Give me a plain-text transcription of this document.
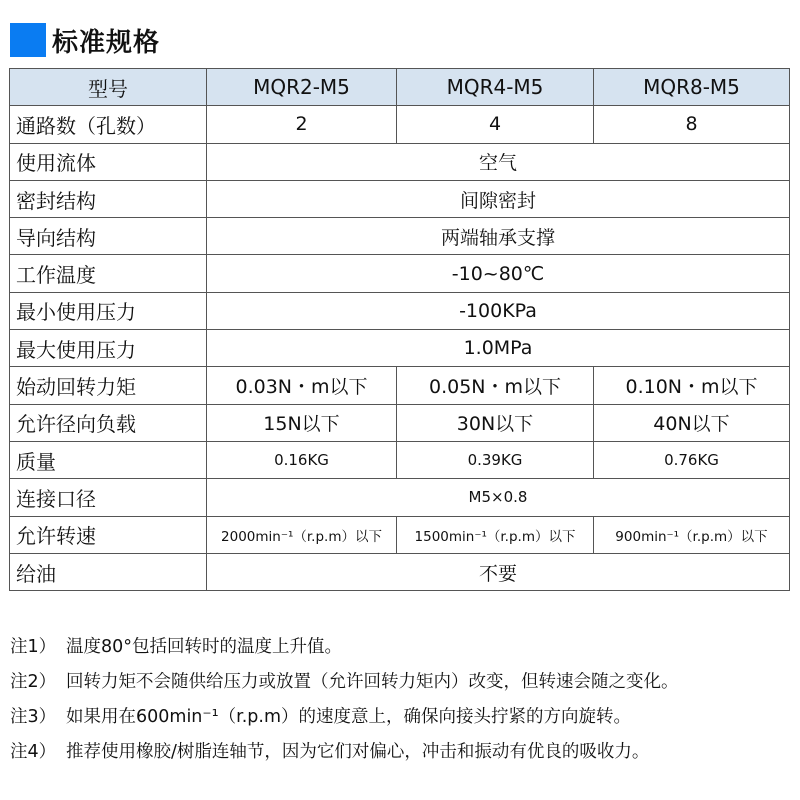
标准规格
型号	MQR2-M5	MQR4-M5	MQR8-M5
通路数（孔数）	2	4	8
使用流体	空气		
密封结构	间隙密封		
导向结构	两端轴承支撑		
工作温度	-10~80℃		
最小使用压力	-100KPa		
最大使用压力	1.0MPa		
始动回转力矩	0.03N・m以下	0.05N・m以下	0.10N・m以下
允许径向负载	15N以下	30N以下	40N以下
质量	0.16KG	0.39KG	0.76KG
连接口径	M5×0.8		
允许转速	2000min⁻¹（r.p.m）以下	1500min⁻¹（r.p.m）以下	900min⁻¹（r.p.m）以下
给油	不要		
注1） 温度80°包括回转时的温度上升值。
注2） 回转力矩不会随供给压力或放置（允许回转力矩内）改变，但转速会随之变化。
注3） 如果用在600min⁻¹（r.p.m）的速度意上，确保向接头拧紧的方向旋转。
注4） 推荐使用橡胶/树脂连轴节，因为它们对偏心，冲击和振动有优良的吸收力。
